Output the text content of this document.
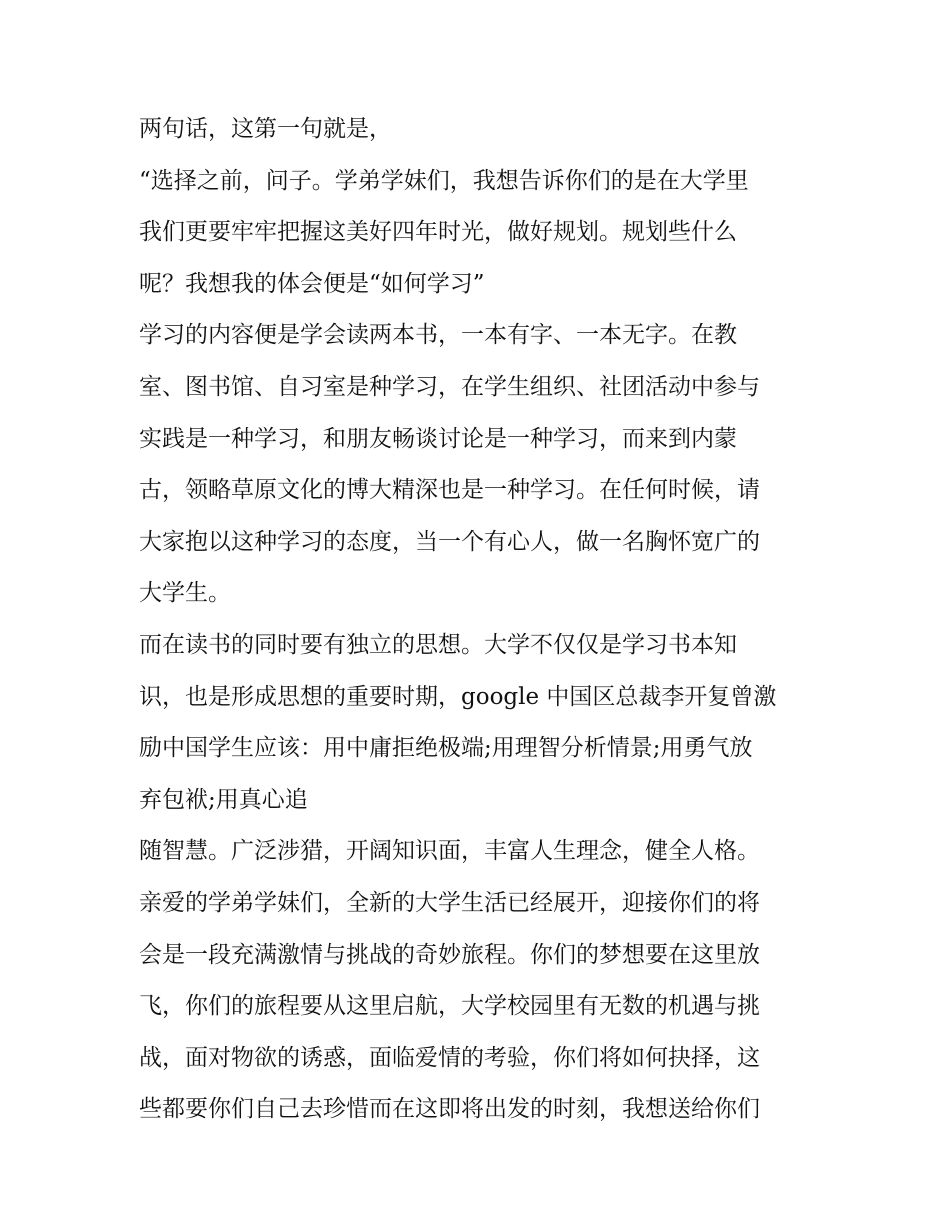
两句话，这第一句就是，
“选择之前，问子。学弟学妹们，我想告诉你们的是在大学里
我们更要牢牢把握这美好四年时光，做好规划。规划些什么
呢？我想我的体会便是“如何学习”
学习的内容便是学会读两本书，一本有字、一本无字。在教
室、图书馆、自习室是种学习，在学生组织、社团活动中参与
实践是一种学习，和朋友畅谈讨论是一种学习，而来到内蒙
古，领略草原文化的博大精深也是一种学习。在任何时候，请
大家抱以这种学习的态度，当一个有心人，做一名胸怀宽广的
大学生。
而在读书的同时要有独立的思想。大学不仅仅是学习书本知
识，也是形成思想的重要时期，google 中国区总裁李开复曾激
励中国学生应该：用中庸拒绝极端;用理智分析情景;用勇气放
弃包袱;用真心追
随智慧。广泛涉猎，开阔知识面，丰富人生理念，健全人格。
亲爱的学弟学妹们，全新的大学生活已经展开，迎接你们的将
会是一段充满激情与挑战的奇妙旅程。你们的梦想要在这里放
飞，你们的旅程要从这里启航，大学校园里有无数的机遇与挑
战，面对物欲的诱惑，面临爱情的考验，你们将如何抉择，这
些都要你们自己去珍惜而在这即将出发的时刻，我想送给你们
